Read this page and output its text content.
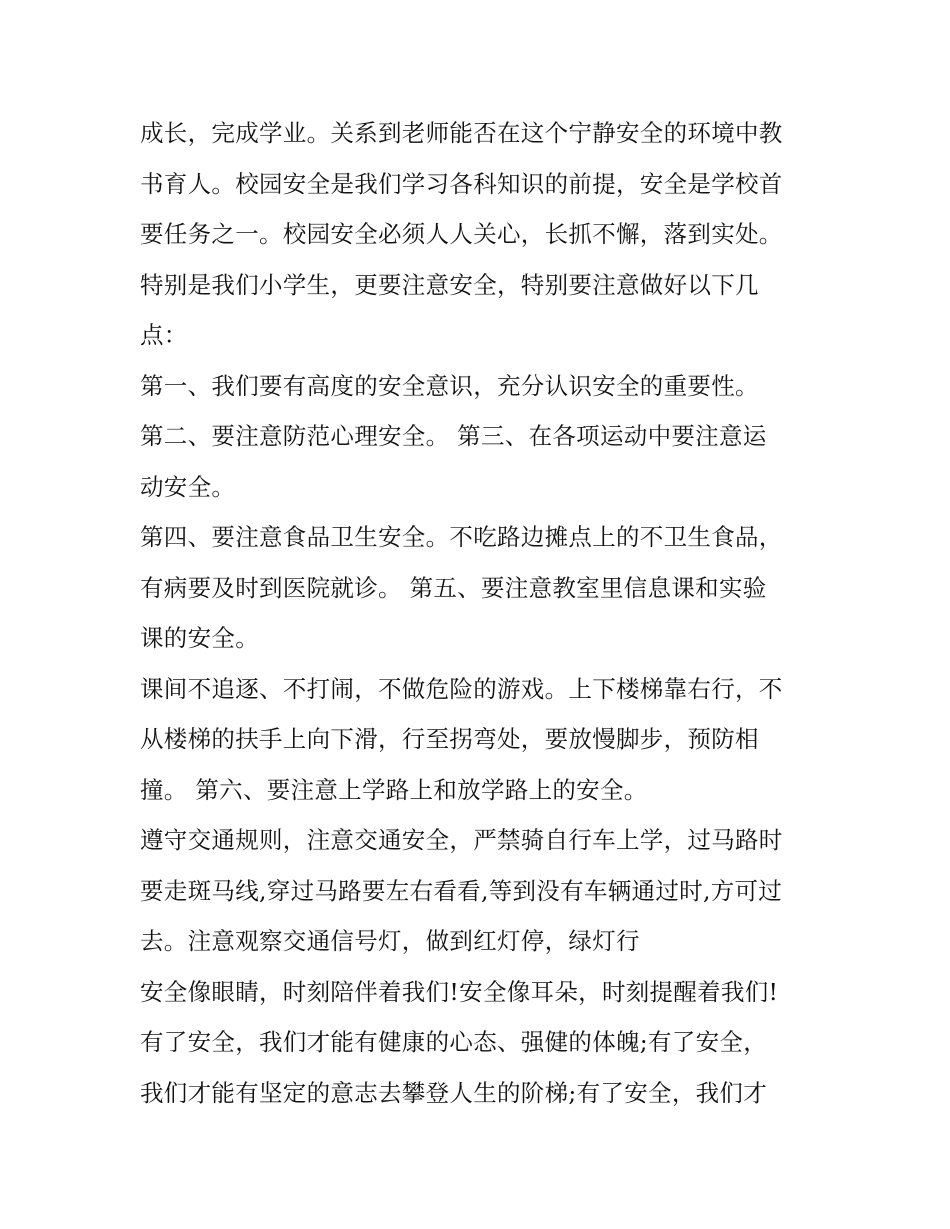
成长，完成学业。关系到老师能否在这个宁静安全的环境中教
书育人。校园安全是我们学习各科知识的前提，安全是学校首
要任务之一。校园安全必须人人关心，长抓不懈，落到实处。
特别是我们小学生，更要注意安全，特别要注意做好以下几
点：
第一、我们要有高度的安全意识，充分认识安全的重要性。
第二、要注意防范心理安全。 第三、在各项运动中要注意运
动安全。
第四、要注意食品卫生安全。不吃路边摊点上的不卫生食品，
有病要及时到医院就诊。 第五、要注意教室里信息课和实验
课的安全。
课间不追逐、不打闹，不做危险的游戏。上下楼梯靠右行，不
从楼梯的扶手上向下滑，行至拐弯处，要放慢脚步，预防相
撞。 第六、要注意上学路上和放学路上的安全。
遵守交通规则，注意交通安全，严禁骑自行车上学，过马路时
要走斑马线,穿过马路要左右看看,等到没有车辆通过时,方可过
去。注意观察交通信号灯，做到红灯停，绿灯行
安全像眼睛，时刻陪伴着我们!安全像耳朵，时刻提醒着我们!
有了安全，我们才能有健康的心态、强健的体魄;有了安全，
我们才能有坚定的意志去攀登人生的阶梯;有了安全，我们才
